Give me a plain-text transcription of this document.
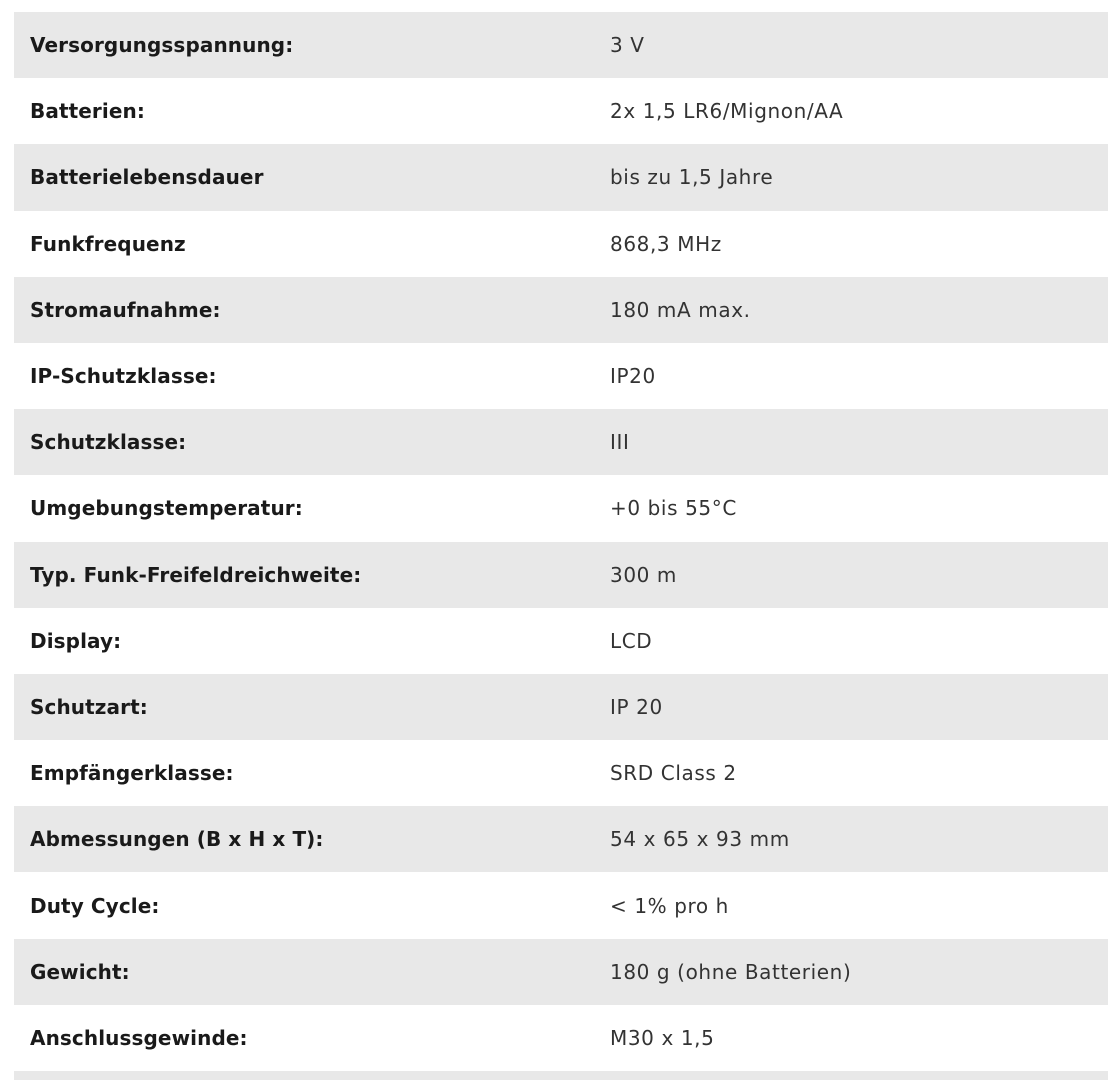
Versorgungsspannung:	3 V
Batterien:	2x 1,5 LR6/Mignon/AA
Batterielebensdauer	bis zu 1,5 Jahre
Funkfrequenz	868,3 MHz
Stromaufnahme:	180 mA max.
IP-Schutzklasse:	IP20
Schutzklasse:	III
Umgebungstemperatur:	+0 bis 55°C
Typ. Funk-Freifeldreichweite:	300 m
Display:	LCD
Schutzart:	IP 20
Empfängerklasse:	SRD Class 2
Abmessungen (B x H x T):	54 x 65 x 93 mm
Duty Cycle:	< 1% pro h
Gewicht:	180 g (ohne Batterien)
Anschlussgewinde:	M30 x 1,5
